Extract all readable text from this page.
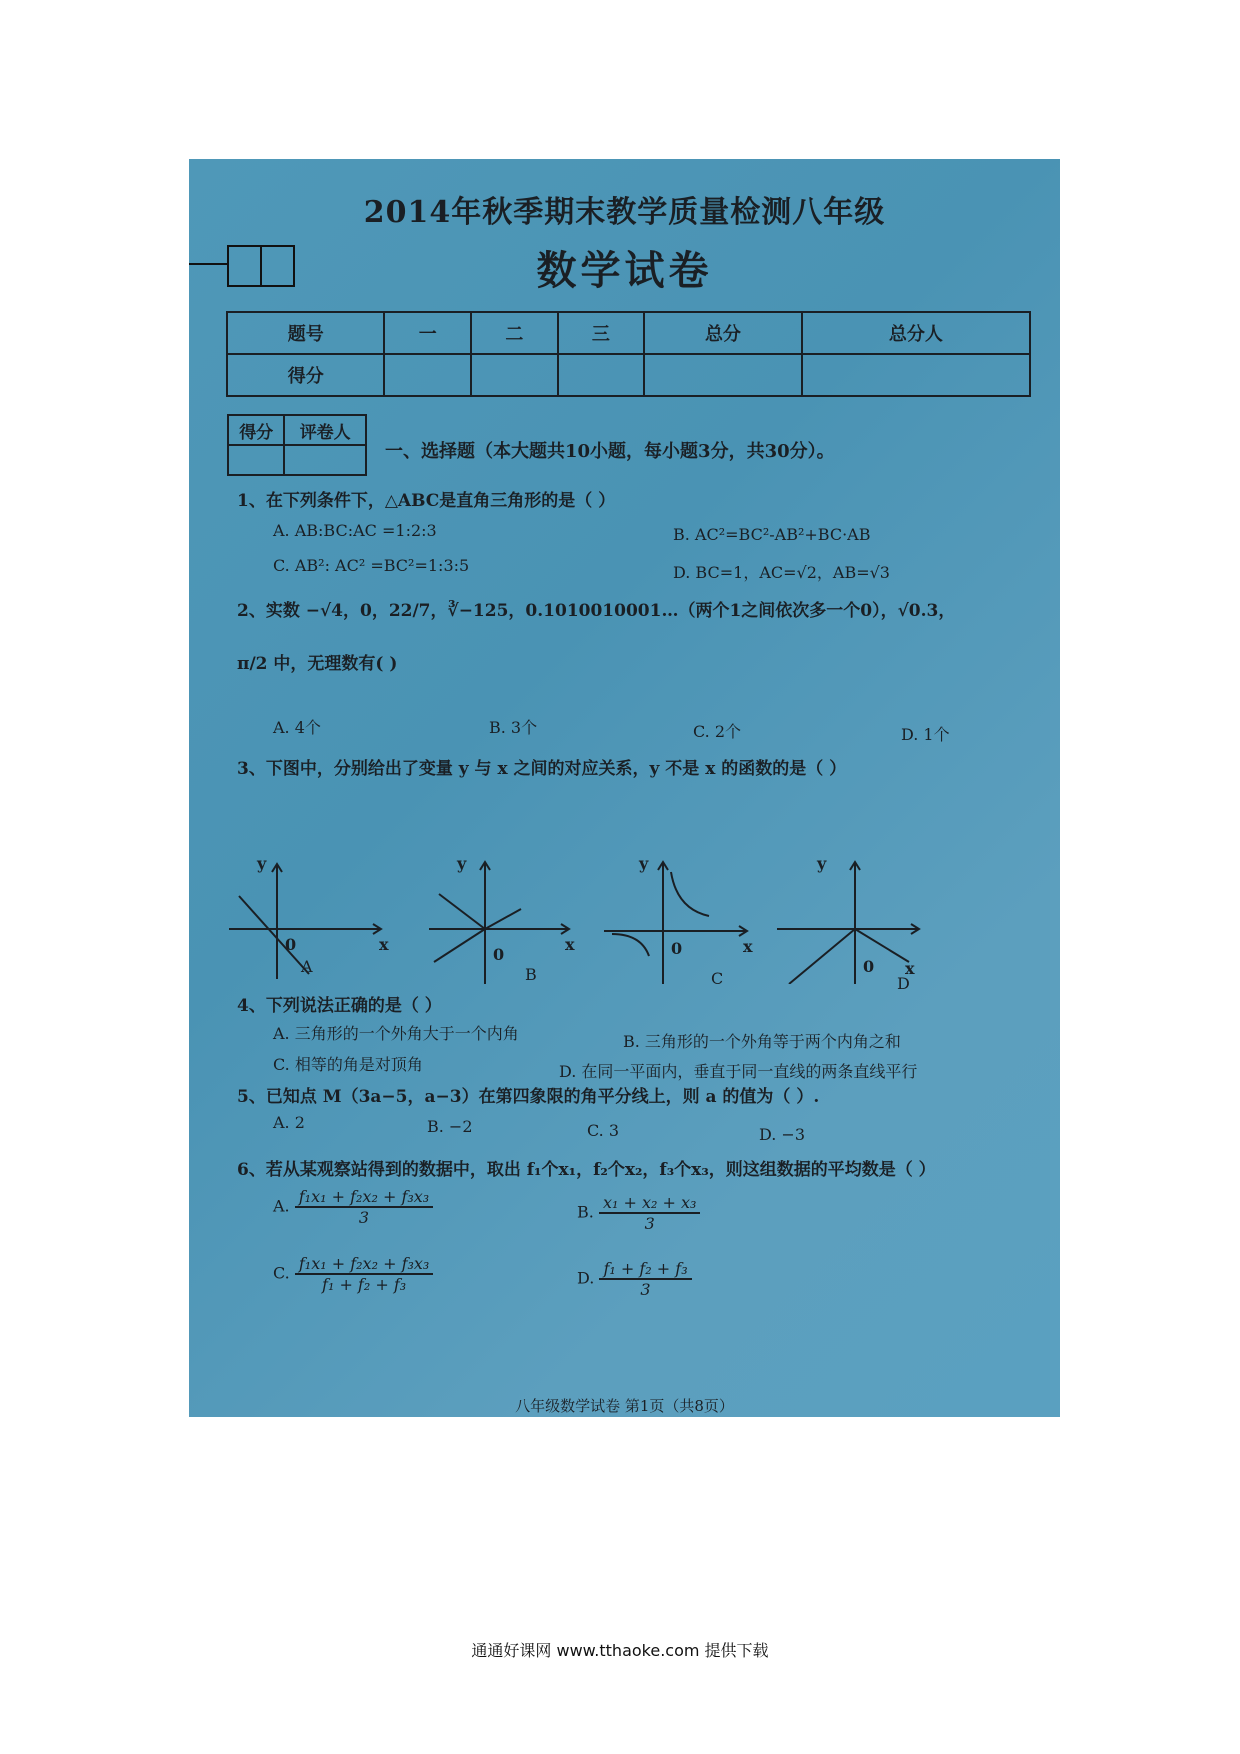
2014年秋季期末教学质量检测八年级
数学试卷
题号	一	二	三	总分	总分人
得分					
得分	评卷人

一、选择题（本大题共10小题，每小题3分，共30分）。
1、在下列条件下，△ABC是直角三角形的是（ ）
A. AB:BC:AC =1:2:3	B. AC²=BC²-AB²+BC·AB
C. AB²: AC² =BC²=1:3:5	D. BC=1，AC=√2，AB=√3
2、实数 −√4，0，22/7，∛−125，0.1010010001…（两个1之间依次多一个0），√0.3，
π/2 中，无理数有( )
A. 4个	B. 3个	C. 2个	D. 1个
3、下图中，分别给出了变量 y 与 x 之间的对应关系，y 不是 x 的函数的是（ ）
y
x
0
y
x
0
y
x
0
y
x
0
A	B	C	D
4、下列说法正确的是（ ）
A. 三角形的一个外角大于一个内角	B. 三角形的一个外角等于两个内角之和
C. 相等的角是对顶角	D. 在同一平面内，垂直于同一直线的两条直线平行
5、已知点 M（3a−5，a−3）在第四象限的角平分线上，则 a 的值为（ ）.
A. 2	B. −2	C. 3	D. −3
6、若从某观察站得到的数据中，取出 f₁个x₁，f₂个x₂，f₃个x₃，则这组数据的平均数是（ ）
A. $\frac{\text{f₁x₁ + f₂x₂ + f₃x₃}}{3}$	B. $\frac{\text{x₁ + x₂ + x₃}}{3}$
C. $\frac{\text{f₁x₁ + f₂x₂ + f₃x₃}}{\text{f₁ + f₂ + f₃}}$	D. $\frac{\text{f₁ + f₂ + f₃}}{3}$
八年级数学试卷 第1页（共8页）
通通好课网 www.tthaoke.com 提供下载
